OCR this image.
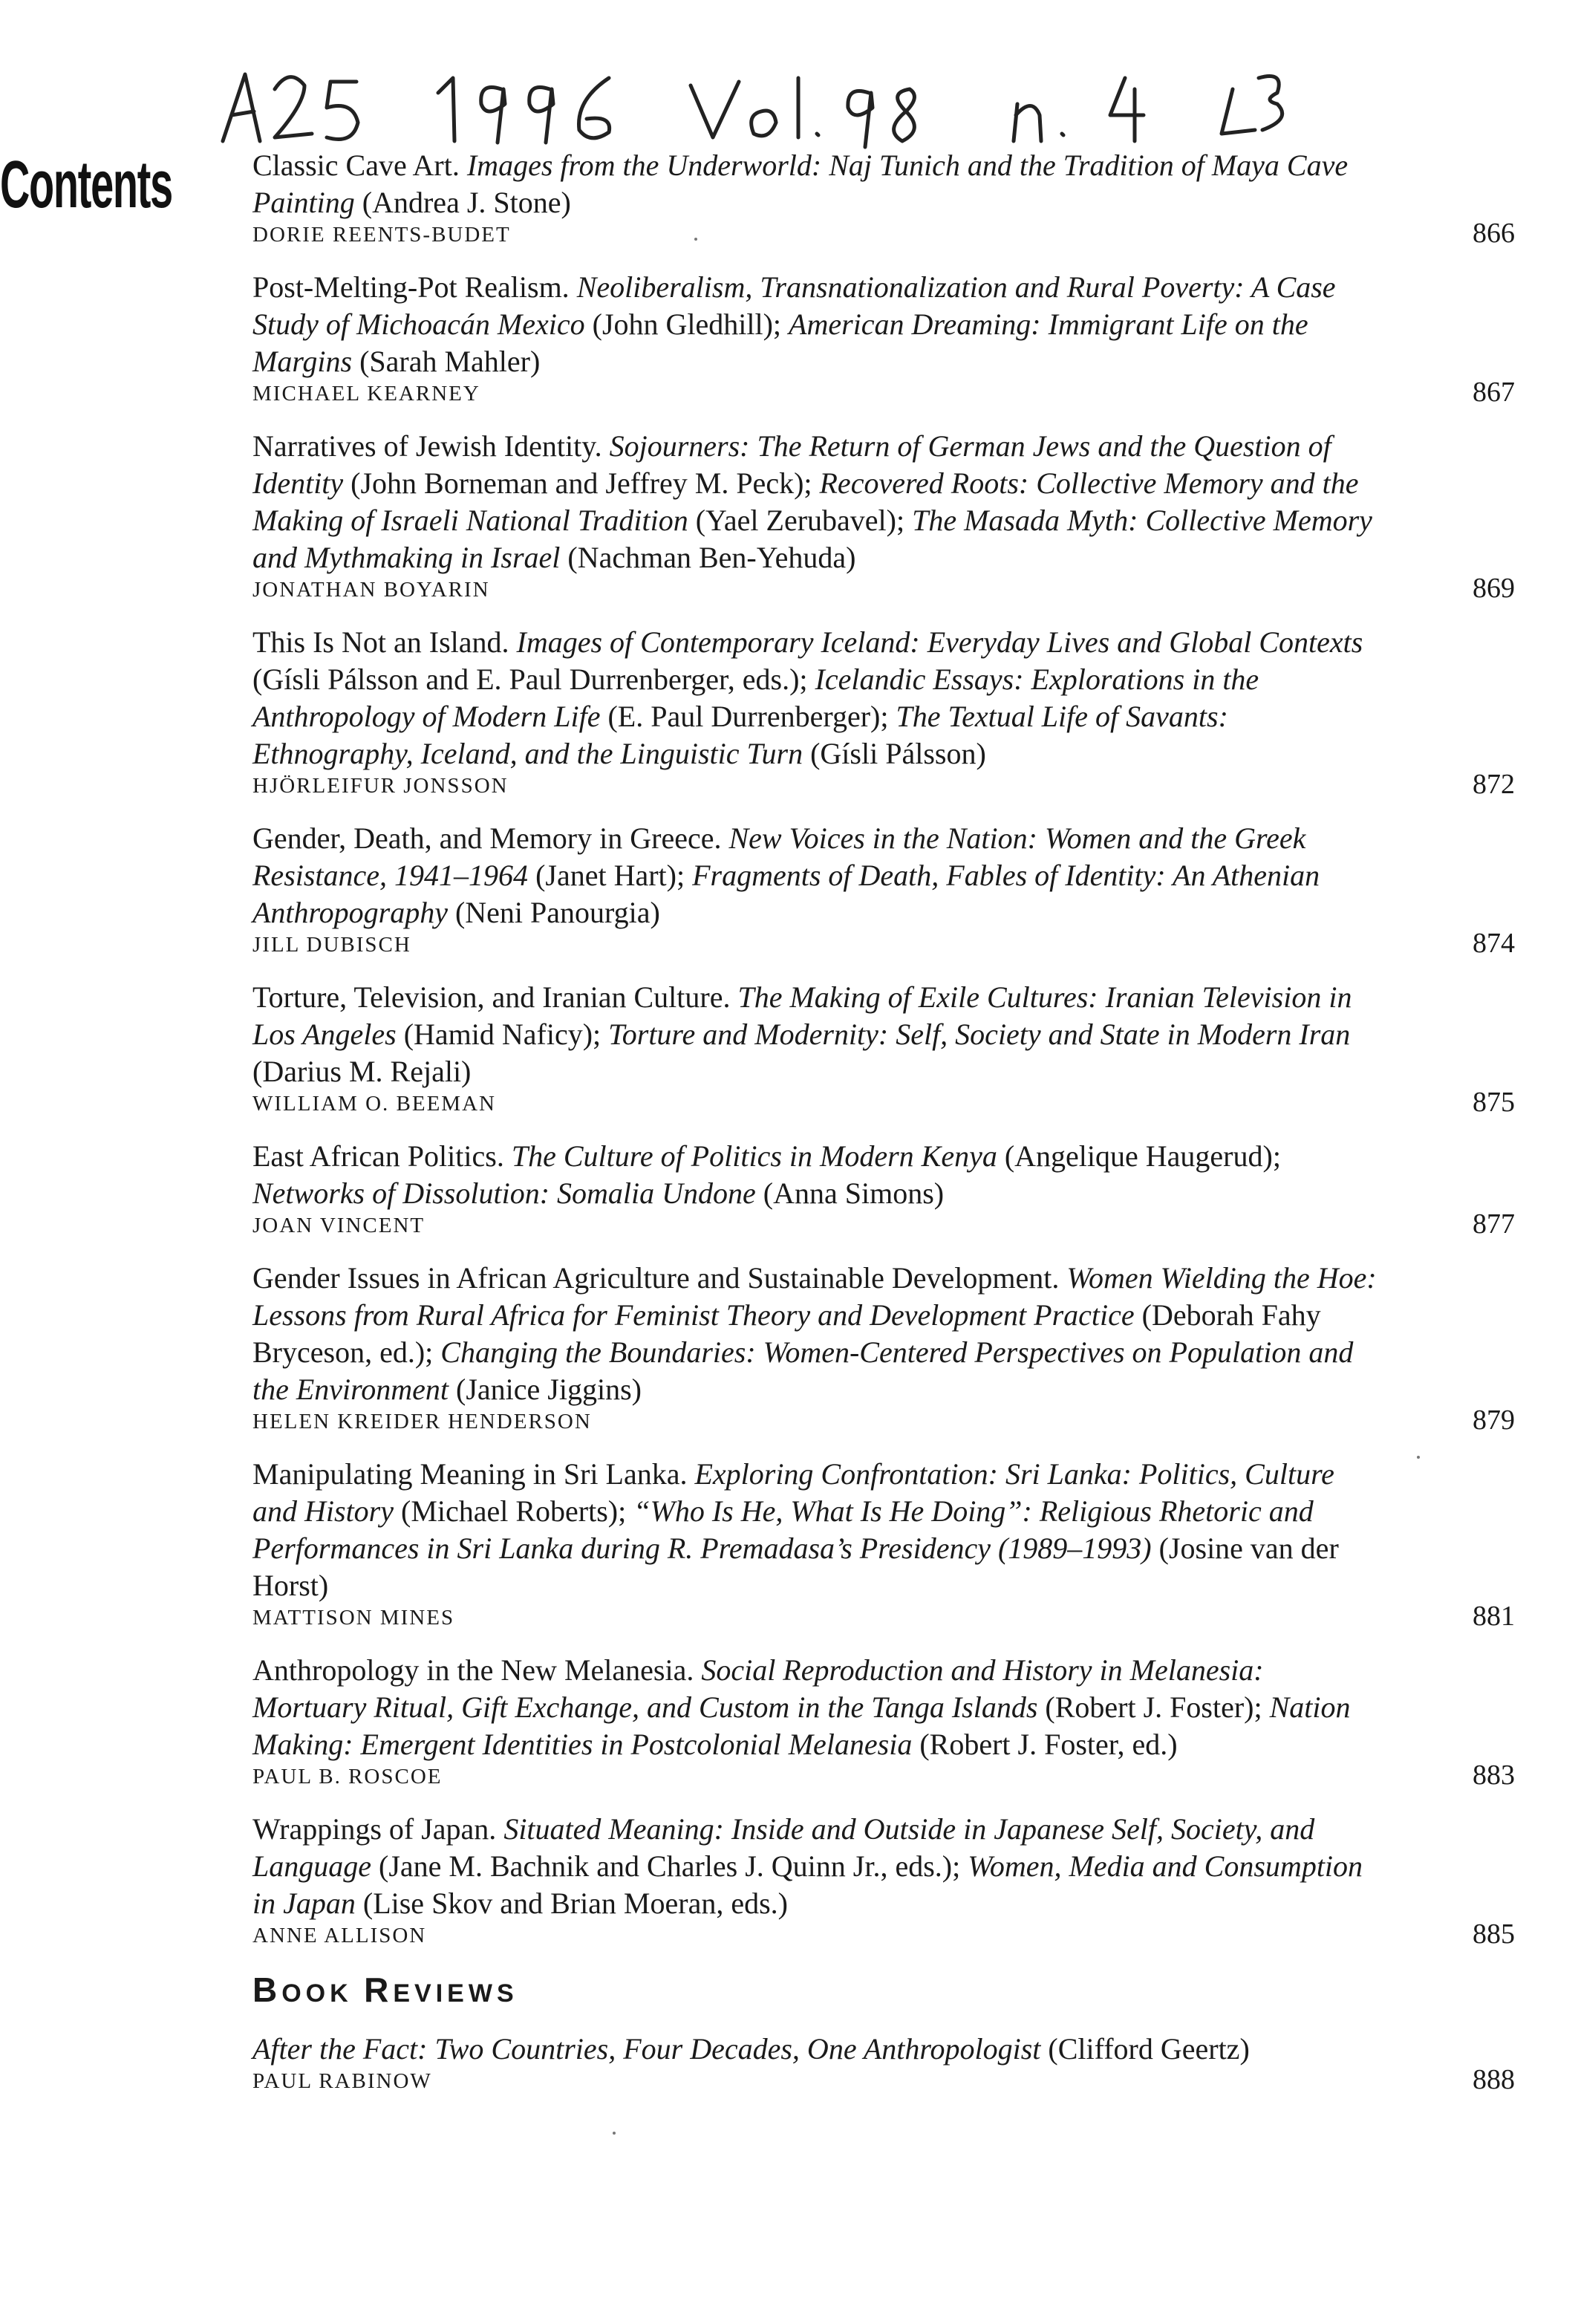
Contents	Classic Cave Art. Images from the Underworld: Naj Tunich and the Tradition of Maya Cave Painting (Andrea J. Stone)
DORIE REENTS-BUDET	866
Post-Melting-Pot Realism. Neoliberalism, Transnationalization and Rural Poverty: A Case Study of Michoacán Mexico (John Gledhill); American Dreaming: Immigrant Life on the Margins (Sarah Mahler)
MICHAEL KEARNEY	867
Narratives of Jewish Identity. Sojourners: The Return of German Jews and the Question of Identity (John Borneman and Jeffrey M. Peck); Recovered Roots: Collective Memory and the Making of Israeli National Tradition (Yael Zerubavel); The Masada Myth: Collective Memory and Mythmaking in Israel (Nachman Ben-Yehuda)
JONATHAN BOYARIN	869
This Is Not an Island. Images of Contemporary Iceland: Everyday Lives and Global Contexts (Gísli Pálsson and E. Paul Durrenberger, eds.); Icelandic Essays: Explorations in the Anthropology of Modern Life (E. Paul Durrenberger); The Textual Life of Savants: Ethnography, Iceland, and the Linguistic Turn (Gísli Pálsson)
HJÖRLEIFUR JONSSON	872
Gender, Death, and Memory in Greece. New Voices in the Nation: Women and the Greek Resistance, 1941–1964 (Janet Hart); Fragments of Death, Fables of Identity: An Athenian Anthropography (Neni Panourgia)
JILL DUBISCH	874
Torture, Television, and Iranian Culture. The Making of Exile Cultures: Iranian Television in Los Angeles (Hamid Naficy); Torture and Modernity: Self, Society and State in Modern Iran (Darius M. Rejali)
WILLIAM O. BEEMAN	875
East African Politics. The Culture of Politics in Modern Kenya (Angelique Haugerud); Networks of Dissolution: Somalia Undone (Anna Simons)
JOAN VINCENT	877
Gender Issues in African Agriculture and Sustainable Development. Women Wielding the Hoe: Lessons from Rural Africa for Feminist Theory and Development Practice (Deborah Fahy Bryceson, ed.); Changing the Boundaries: Women-Centered Perspectives on Population and the Environment (Janice Jiggins)
HELEN KREIDER HENDERSON	879
Manipulating Meaning in Sri Lanka. Exploring Confrontation: Sri Lanka: Politics, Culture and History (Michael Roberts); “Who Is He, What Is He Doing”: Religious Rhetoric and Performances in Sri Lanka during R. Premadasa’s Presidency (1989–1993) (Josine van der Horst)
MATTISON MINES	881
Anthropology in the New Melanesia. Social Reproduction and History in Melanesia: Mortuary Ritual, Gift Exchange, and Custom in the Tanga Islands (Robert J. Foster); Nation Making: Emergent Identities in Postcolonial Melanesia (Robert J. Foster, ed.)
PAUL B. ROSCOE	883
Wrappings of Japan. Situated Meaning: Inside and Outside in Japanese Self, Society, and Language (Jane M. Bachnik and Charles J. Quinn Jr., eds.); Women, Media and Consumption in Japan (Lise Skov and Brian Moeran, eds.)
ANNE ALLISON	885
BOOK REVIEWS
After the Fact: Two Countries, Four Decades, One Anthropologist (Clifford Geertz)
PAUL RABINOW	888
